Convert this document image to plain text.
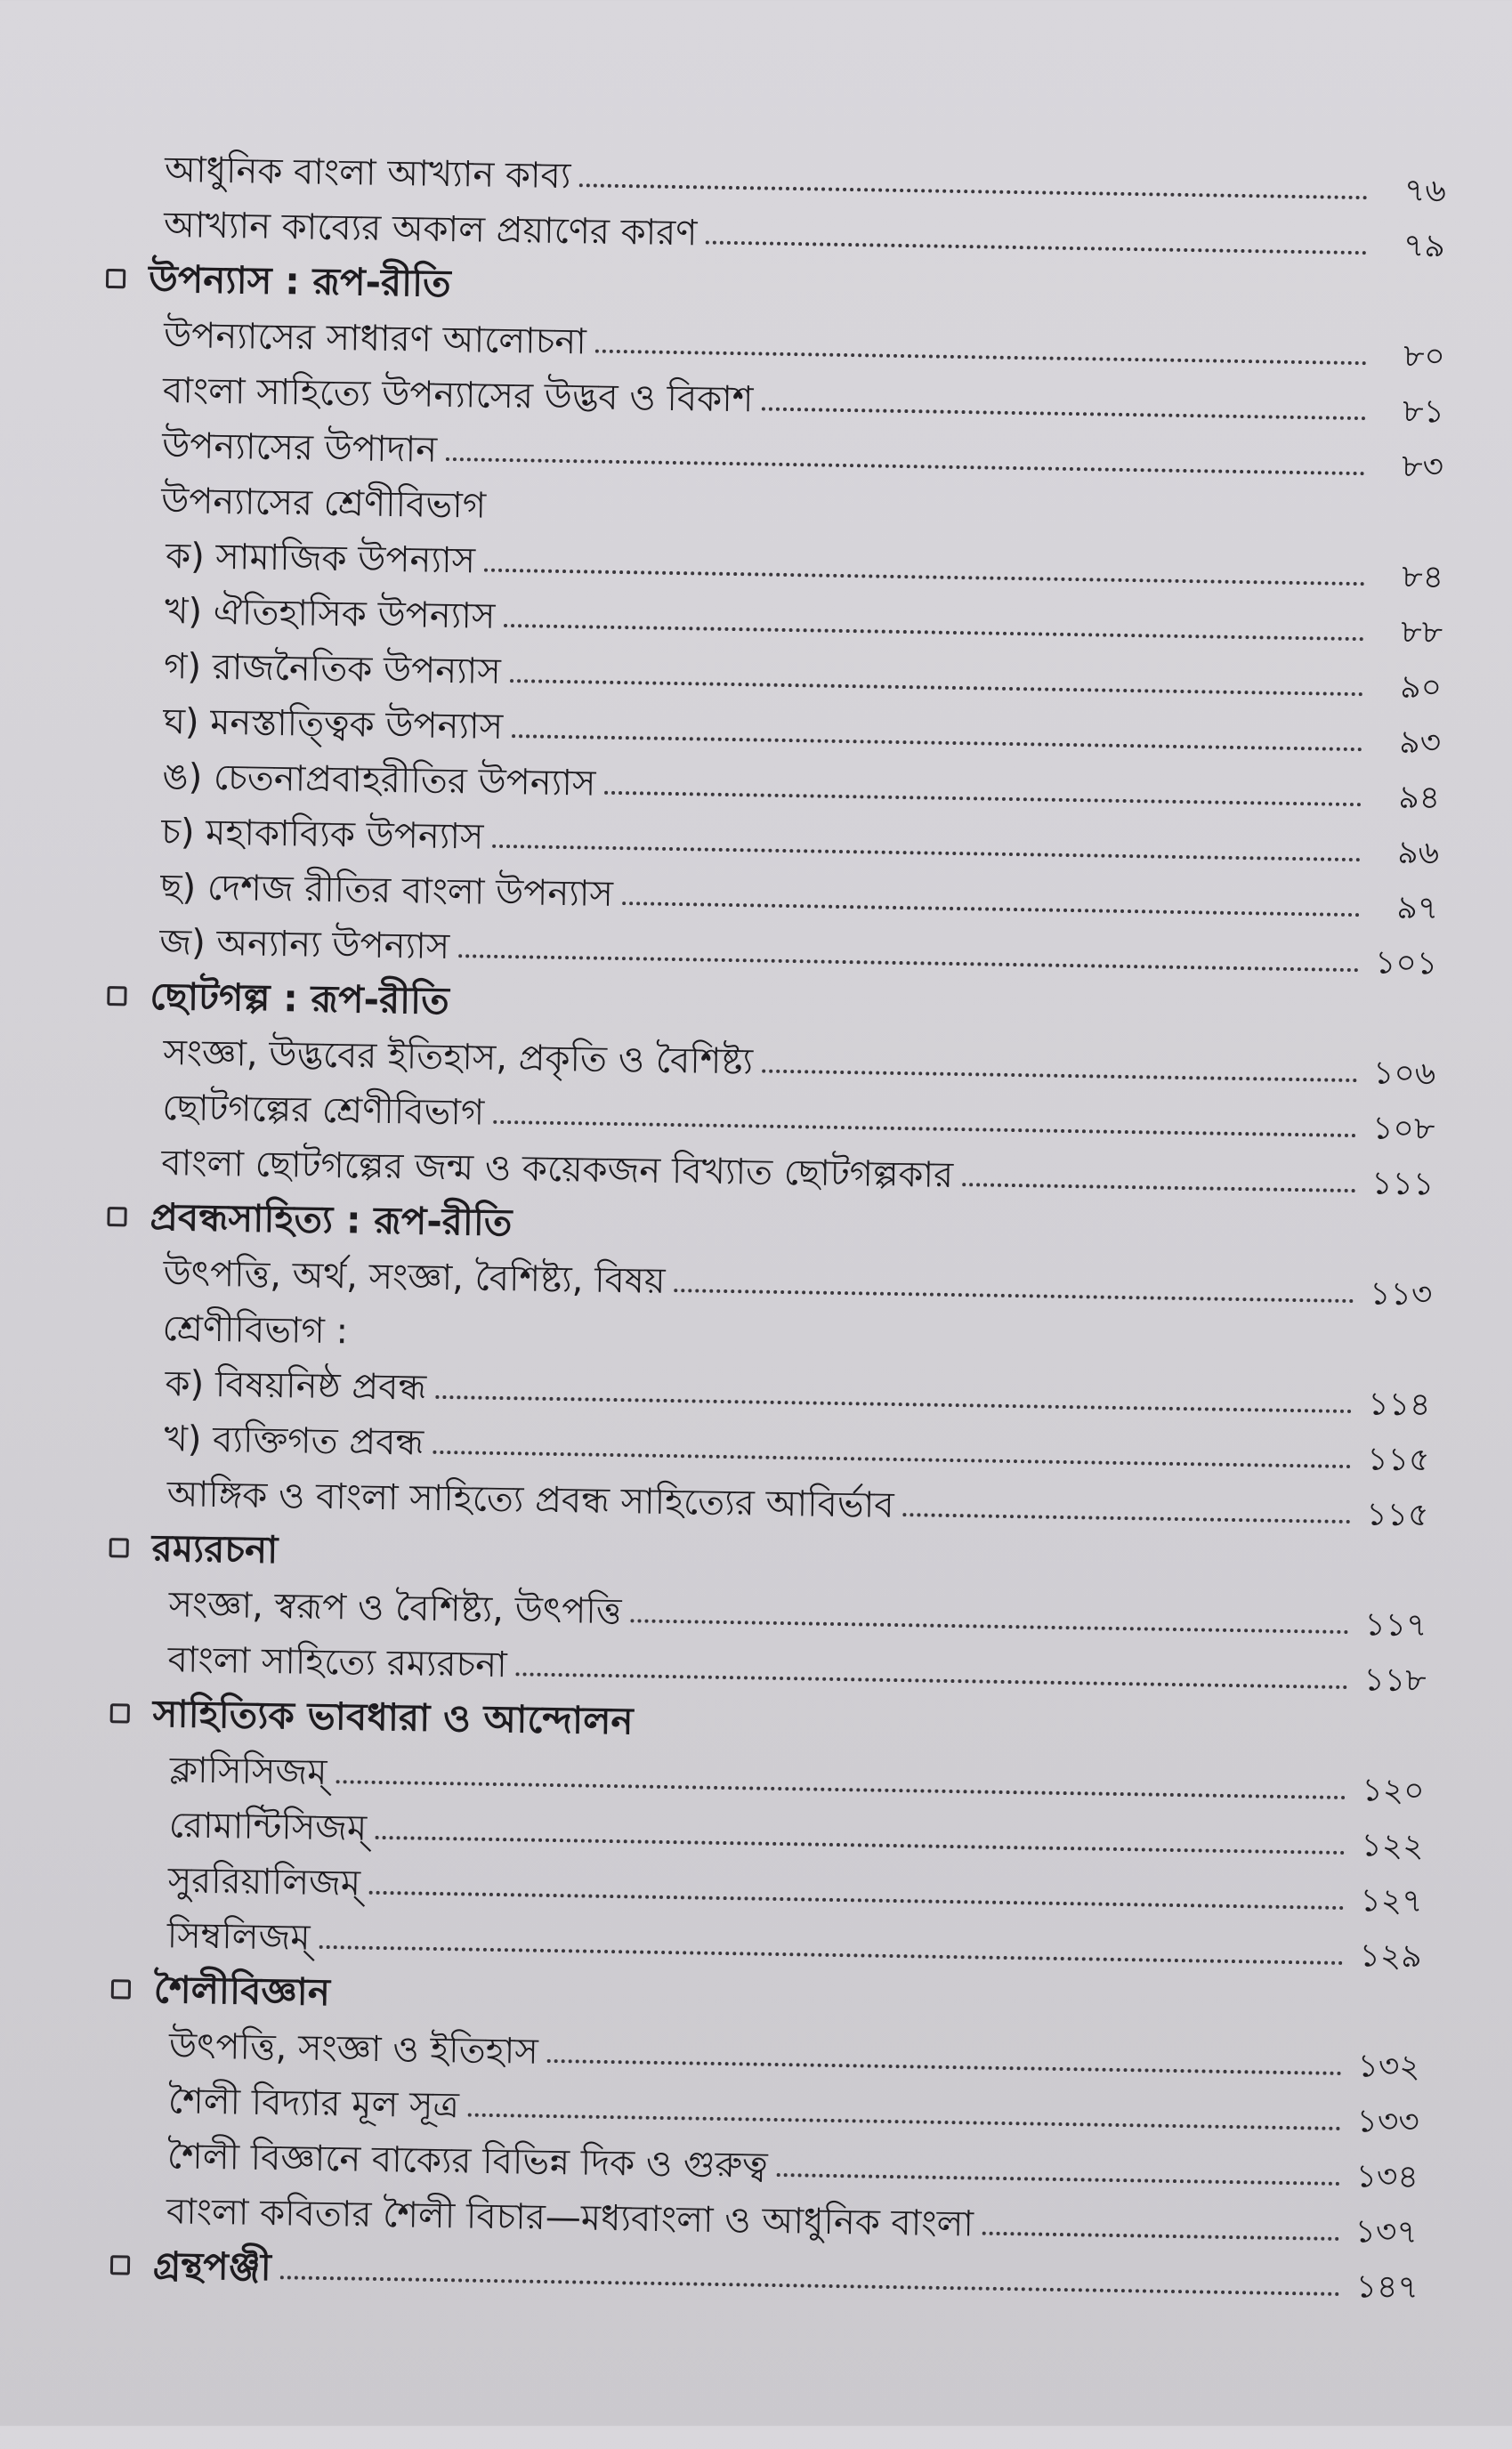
আধুনিক বাংলা আখ্যান কাব্য	৭৬
আখ্যান কাব্যের অকাল প্রয়াণের কারণ	৭৯
উপন্যাস : রূপ-রীতি
উপন্যাসের সাধারণ আলোচনা	৮০
বাংলা সাহিত্যে উপন্যাসের উদ্ভব ও বিকাশ	৮১
উপন্যাসের উপাদান	৮৩
উপন্যাসের শ্রেণীবিভাগ
ক) সামাজিক উপন্যাস	৮৪
খ) ঐতিহাসিক উপন্যাস	৮৮
গ) রাজনৈতিক উপন্যাস	৯০
ঘ) মনস্তাত্ত্বিক উপন্যাস	৯৩
ঙ) চেতনাপ্রবাহরীতির উপন্যাস	৯৪
চ) মহাকাব্যিক উপন্যাস	৯৬
ছ) দেশজ রীতির বাংলা উপন্যাস	৯৭
জ) অন্যান্য উপন্যাস	১০১
ছোটগল্প : রূপ-রীতি
সংজ্ঞা, উদ্ভবের ইতিহাস, প্রকৃতি ও বৈশিষ্ট্য	১০৬
ছোটগল্পের শ্রেণীবিভাগ	১০৮
বাংলা ছোটগল্পের জন্ম ও কয়েকজন বিখ্যাত ছোটগল্পকার	১১১
প্রবন্ধসাহিত্য : রূপ-রীতি
উৎপত্তি, অর্থ, সংজ্ঞা, বৈশিষ্ট্য, বিষয়	১১৩
শ্রেণীবিভাগ :
ক) বিষয়নিষ্ঠ প্রবন্ধ	১১৪
খ) ব্যক্তিগত প্রবন্ধ	১১৫
আঙ্গিক ও বাংলা সাহিত্যে প্রবন্ধ সাহিত্যের আবির্ভাব	১১৫
রম্যরচনা
সংজ্ঞা, স্বরূপ ও বৈশিষ্ট্য, উৎপত্তি	১১৭
বাংলা সাহিত্যে রম্যরচনা	১১৮
সাহিত্যিক ভাবধারা ও আন্দোলন
ক্লাসিসিজম্	১২০
রোমান্টিসিজম্	১২২
সুররিয়ালিজম্	১২৭
সিম্বলিজম্	১২৯
শৈলীবিজ্ঞান
উৎপত্তি, সংজ্ঞা ও ইতিহাস	১৩২
শৈলী বিদ্যার মূল সূত্র	১৩৩
শৈলী বিজ্ঞানে বাক্যের বিভিন্ন দিক ও গুরুত্ব	১৩৪
বাংলা কবিতার শৈলী বিচার—মধ্যবাংলা ও আধুনিক বাংলা	১৩৭
গ্রন্থপঞ্জী	১৪৭
